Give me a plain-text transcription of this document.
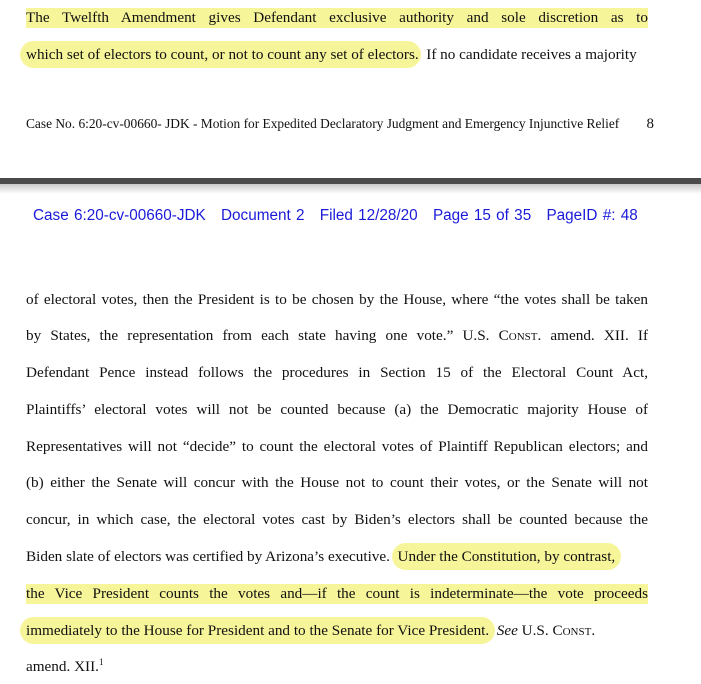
The Twelfth Amendment gives Defendant exclusive authority and sole discretion as to
which set of electors to count, or not to count any set of electors. If no candidate receives a majority
Case No. 6:20-cv-00660- JDK - Motion for Expedited Declaratory Judgment and Emergency Injunctive Relief 8
Case 6:20-cv-00660-JDK Document 2 Filed 12/28/20 Page 15 of 35 PageID #: 48
of electoral votes, then the President is to be chosen by the House, where “the votes shall be taken
by States, the representation from each state having one vote.” U.S. Const. amend. XII. If
Defendant Pence instead follows the procedures in Section 15 of the Electoral Count Act,
Plaintiffs’ electoral votes will not be counted because (a) the Democratic majority House of
Representatives will not “decide” to count the electoral votes of Plaintiff Republican electors; and
(b) either the Senate will concur with the House not to count their votes, or the Senate will not
concur, in which case, the electoral votes cast by Biden’s electors shall be counted because the
Biden slate of electors was certified by Arizona’s executive. Under the Constitution, by contrast,
the Vice President counts the votes and—if the count is indeterminate—the vote proceeds
immediately to the House for President and to the Senate for Vice President. See U.S. Const.
amend. XII.$^1$
